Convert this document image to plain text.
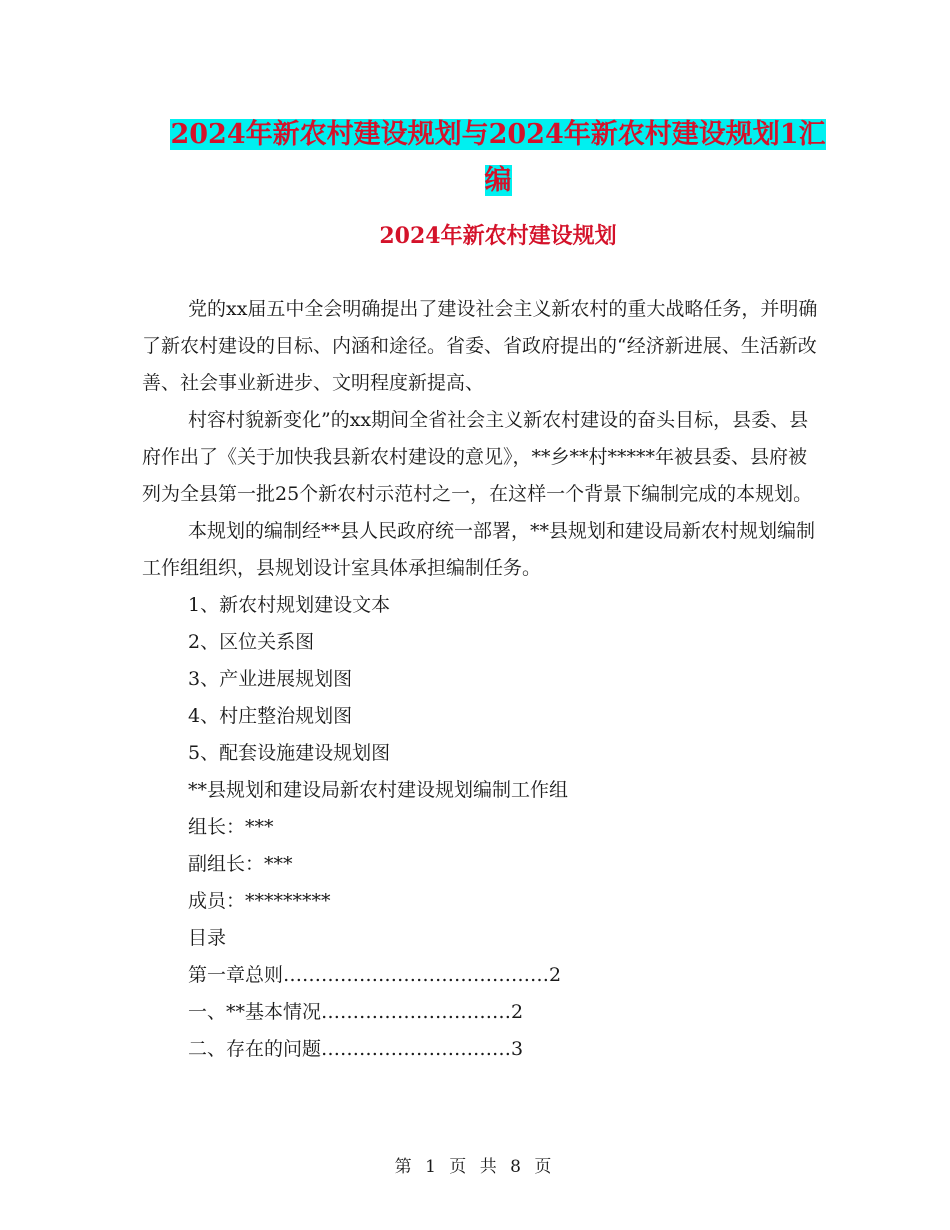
2024年新农村建设规划与2024年新农村建设规划1汇
编
2024年新农村建设规划

党的xx届五中全会明确提出了建设社会主义新农村的重大战略任务，并明确了新农村建设的目标、内涵和途径。省委、省政府提出的“经济新进展、生活新改善、社会事业新进步、文明程度新提高、

村容村貌新变化”的xx期间全省社会主义新农村建设的奋头目标，县委、县府作出了《关于加快我县新农村建设的意见》，**乡**村*****年被县委、县府被列为全县第一批25个新农村示范村之一，在这样一个背景下编制完成的本规划。

本规划的编制经**县人民政府统一部署，**县规划和建设局新农村规划编制工作组组织，县规划设计室具体承担编制任务。

1、新农村规划建设文本

2、区位关系图

3、产业进展规划图

4、村庄整治规划图

5、配套设施建设规划图

**县规划和建设局新农村建设规划编制工作组

组长：***

副组长：***

成员：*********

目录

第一章总则……………………………………2

一、**基本情况…………………………2

二、存在的问题…………………………3

第 1 页 共 8 页
